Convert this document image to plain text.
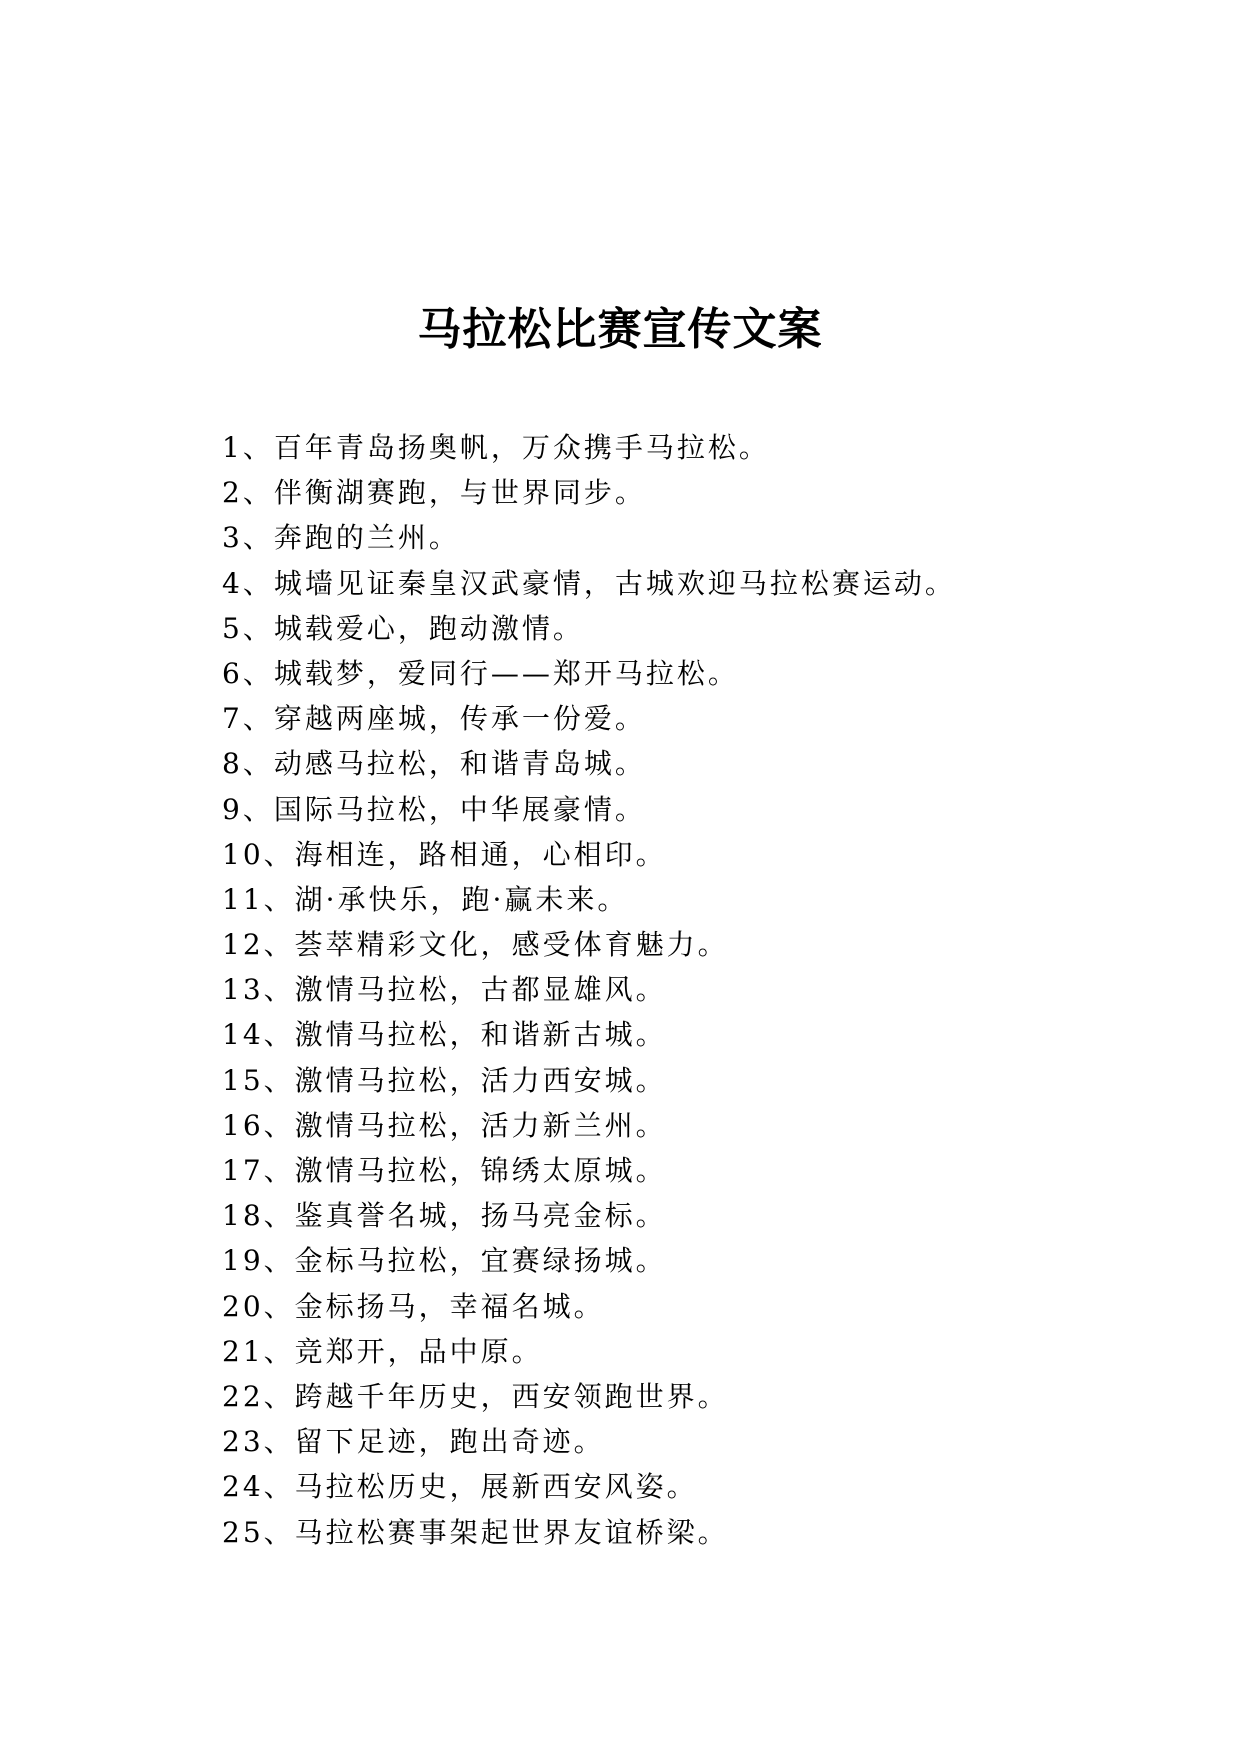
马拉松比赛宣传文案
1、百年青岛扬奥帆，万众携手马拉松。
2、伴衡湖赛跑，与世界同步。
3、奔跑的兰州。
4、城墙见证秦皇汉武豪情，古城欢迎马拉松赛运动。
5、城载爱心，跑动激情。
6、城载梦，爱同行——郑开马拉松。
7、穿越两座城，传承一份爱。
8、动感马拉松，和谐青岛城。
9、国际马拉松，中华展豪情。
10、海相连，路相通，心相印。
11、湖·承快乐，跑·赢未来。
12、荟萃精彩文化，感受体育魅力。
13、激情马拉松，古都显雄风。
14、激情马拉松，和谐新古城。
15、激情马拉松，活力西安城。
16、激情马拉松，活力新兰州。
17、激情马拉松，锦绣太原城。
18、鉴真誉名城，扬马亮金标。
19、金标马拉松，宜赛绿扬城。
20、金标扬马，幸福名城。
21、竞郑开，品中原。
22、跨越千年历史，西安领跑世界。
23、留下足迹，跑出奇迹。
24、马拉松历史，展新西安风姿。
25、马拉松赛事架起世界友谊桥梁。
